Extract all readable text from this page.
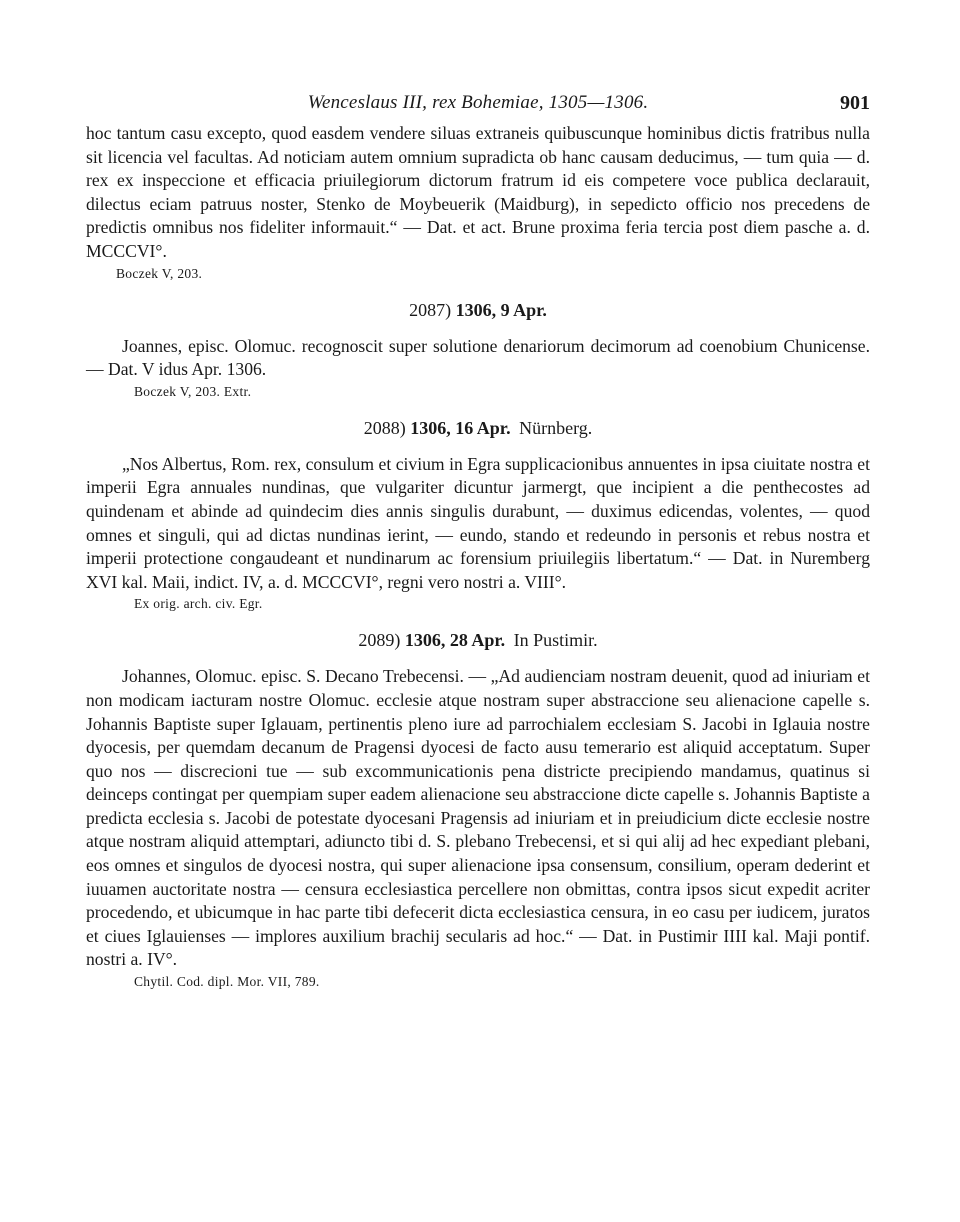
Wenceslaus III, rex Bohemiae, 1305—1306.	901

hoc tantum casu excepto, quod easdem vendere siluas extraneis quibuscunque hominibus dictis fratribus nulla sit licencia vel facultas. Ad noticiam autem omnium supradicta ob hanc causam deducimus, — tum quia — d. rex ex inspeccione et efficacia priuilegiorum dictorum fratrum id eis competere voce publica declarauit, dilectus eciam patruus noster, Stenko de Moybeuerik (Maidburg), in sepedicto officio nos precedens de predictis omnibus nos fideliter informauit.“ — Dat. et act. Brune proxima feria tercia post diem pasche a. d. MCCCVI°.

Boczek V, 203.
2087) 1306, 9 Apr.

Joannes, episc. Olomuc. recognoscit super solutione denariorum decimorum ad coenobium Chunicense. — Dat. V idus Apr. 1306.

Boczek V, 203. Extr.
2088) 1306, 16 Apr. Nürnberg.

„Nos Albertus, Rom. rex, consulum et civium in Egra supplicacionibus annuentes in ipsa ciuitate nostra et imperii Egra annuales nundinas, que vulgariter dicuntur jarmergt, que incipient a die penthecostes ad quindenam et abinde ad quindecim dies annis singulis durabunt, — duximus edicendas, volentes, — quod omnes et singuli, qui ad dictas nundinas ierint, — eundo, stando et redeundo in personis et rebus nostra et imperii protectione congaudeant et nundinarum ac forensium priuilegiis libertatum.“ — Dat. in Nuremberg XVI kal. Maii, indict. IV, a. d. MCCCVI°, regni vero nostri a. VIII°.

Ex orig. arch. civ. Egr.
2089) 1306, 28 Apr. In Pustimir.

Johannes, Olomuc. episc. S. Decano Trebecensi. — „Ad audienciam nostram deuenit, quod ad iniuriam et non modicam iacturam nostre Olomuc. ecclesie atque nostram super abstraccione seu alienacione capelle s. Johannis Baptiste super Iglauam, pertinentis pleno iure ad parrochialem ecclesiam S. Jacobi in Iglauia nostre dyocesis, per quemdam decanum de Pragensi dyocesi de facto ausu temerario est aliquid acceptatum. Super quo nos — discrecioni tue — sub excommunicationis pena districte precipiendo mandamus, quatinus si deinceps contingat per quempiam super eadem alienacione seu abstraccione dicte capelle s. Johannis Baptiste a predicta ecclesia s. Jacobi de potestate dyocesani Pragensis ad iniuriam et in preiudicium dicte ecclesie nostre atque nostram aliquid attemptari, adiuncto tibi d. S. plebano Trebecensi, et si qui alij ad hec expediant plebani, eos omnes et singulos de dyocesi nostra, qui super alienacione ipsa consensum, consilium, operam dederint et iuuamen auctoritate nostra — censura ecclesiastica percellere non obmittas, contra ipsos sicut expedit acriter procedendo, et ubicumque in hac parte tibi defecerit dicta ecclesiastica censura, in eo casu per iudicem, juratos et ciues Iglauienses — implores auxilium brachij secularis ad hoc.“ — Dat. in Pustimir IIII kal. Maji pontif. nostri a. IV°.

Chytil. Cod. dipl. Mor. VII, 789.
